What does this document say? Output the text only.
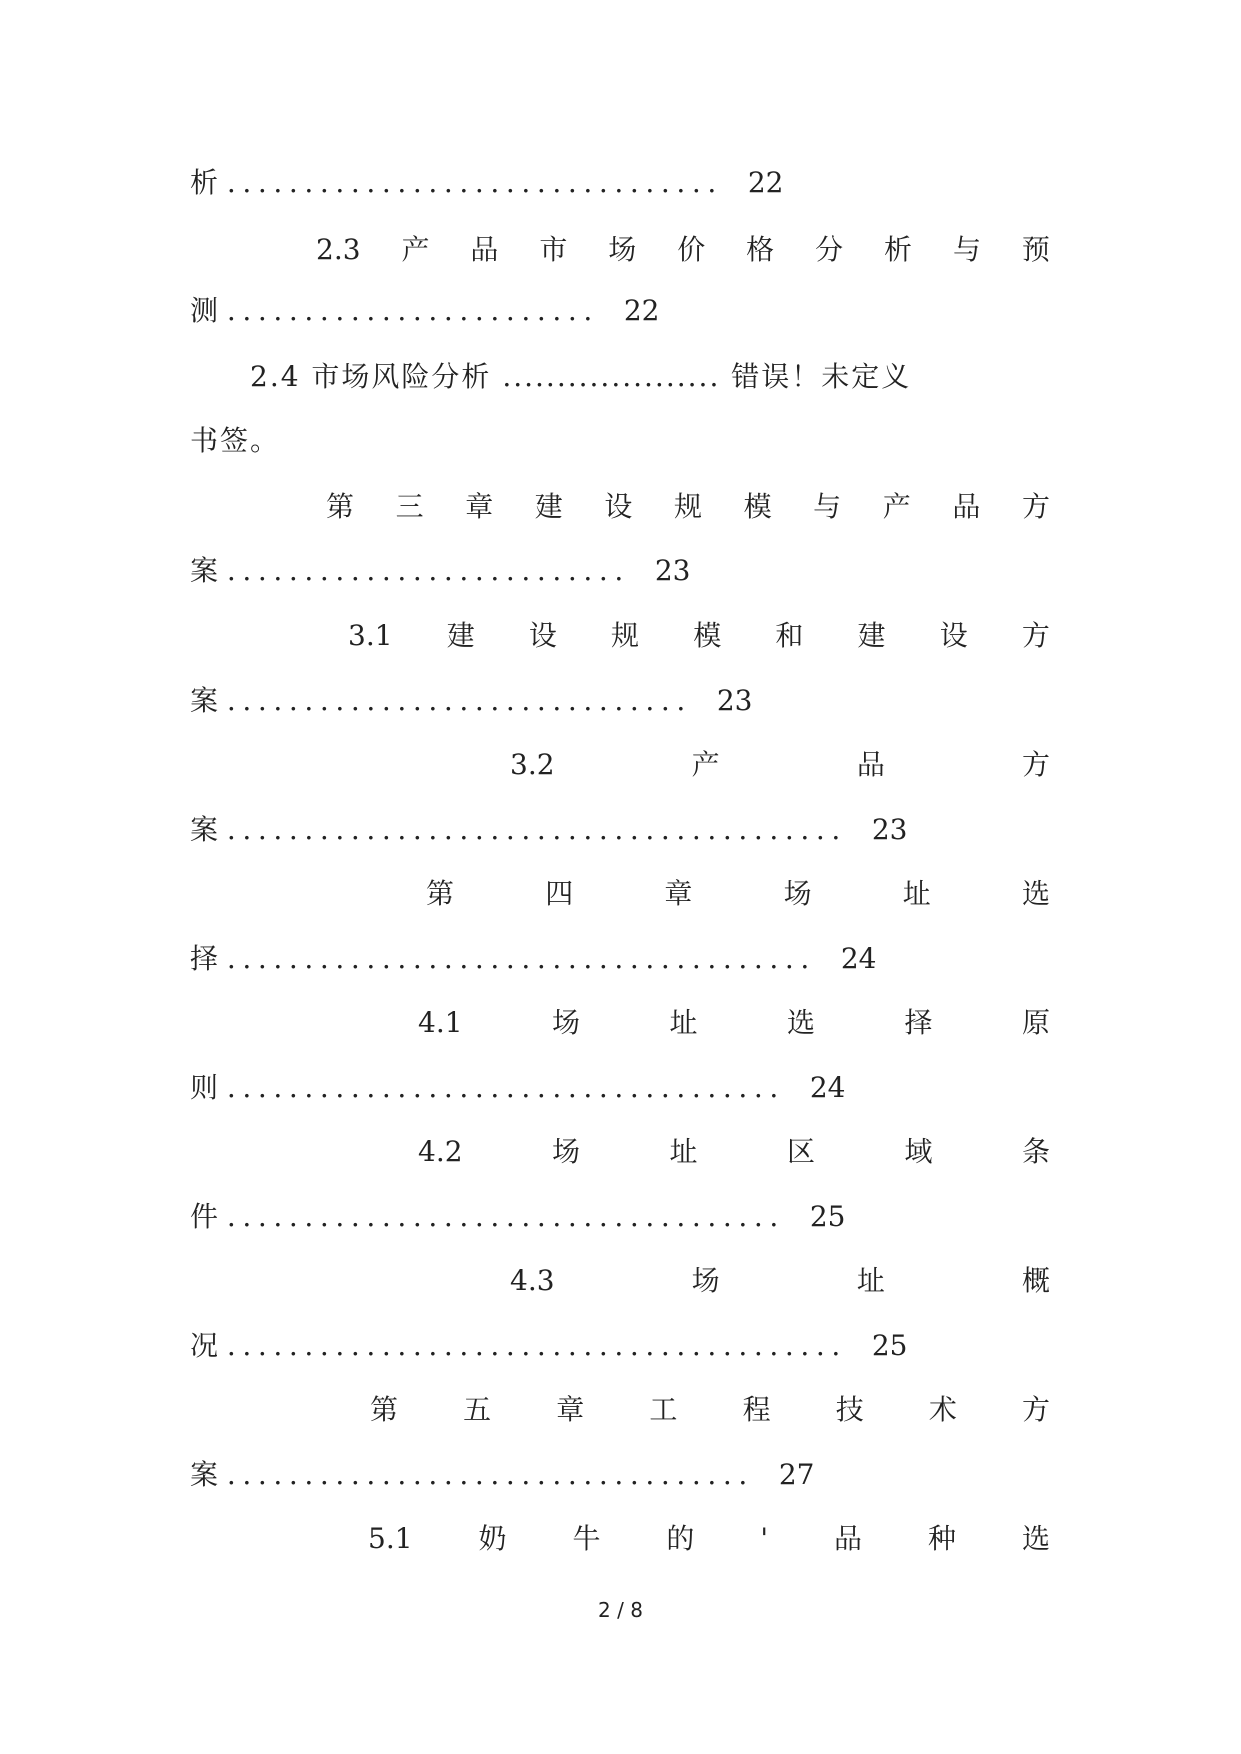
析 ................................ 22
2.3 产 品 市 场 价 格 分 析 与 预
测 ........................ 22
2.4 市场风险分析 .................... 错误！未定义
书签。
第 三 章 建 设 规 模 与 产 品 方
案 .......................... 23
3.1 建 设 规 模 和 建 设 方
案 .............................. 23
3.2	产	品	方
案 ........................................ 23
第	四	章	场	址	选
择 ...................................... 24
4.1	场	址	选	择	原
则 .................................... 24
4.2	场	址	区	域	条
件 .................................... 25
4.3	场	址	概
况 ........................................ 25
第 五 章 工 程 技 术 方
案 .................................. 27
5.1 奶 牛 的 ' 品 种 选
2 / 8
